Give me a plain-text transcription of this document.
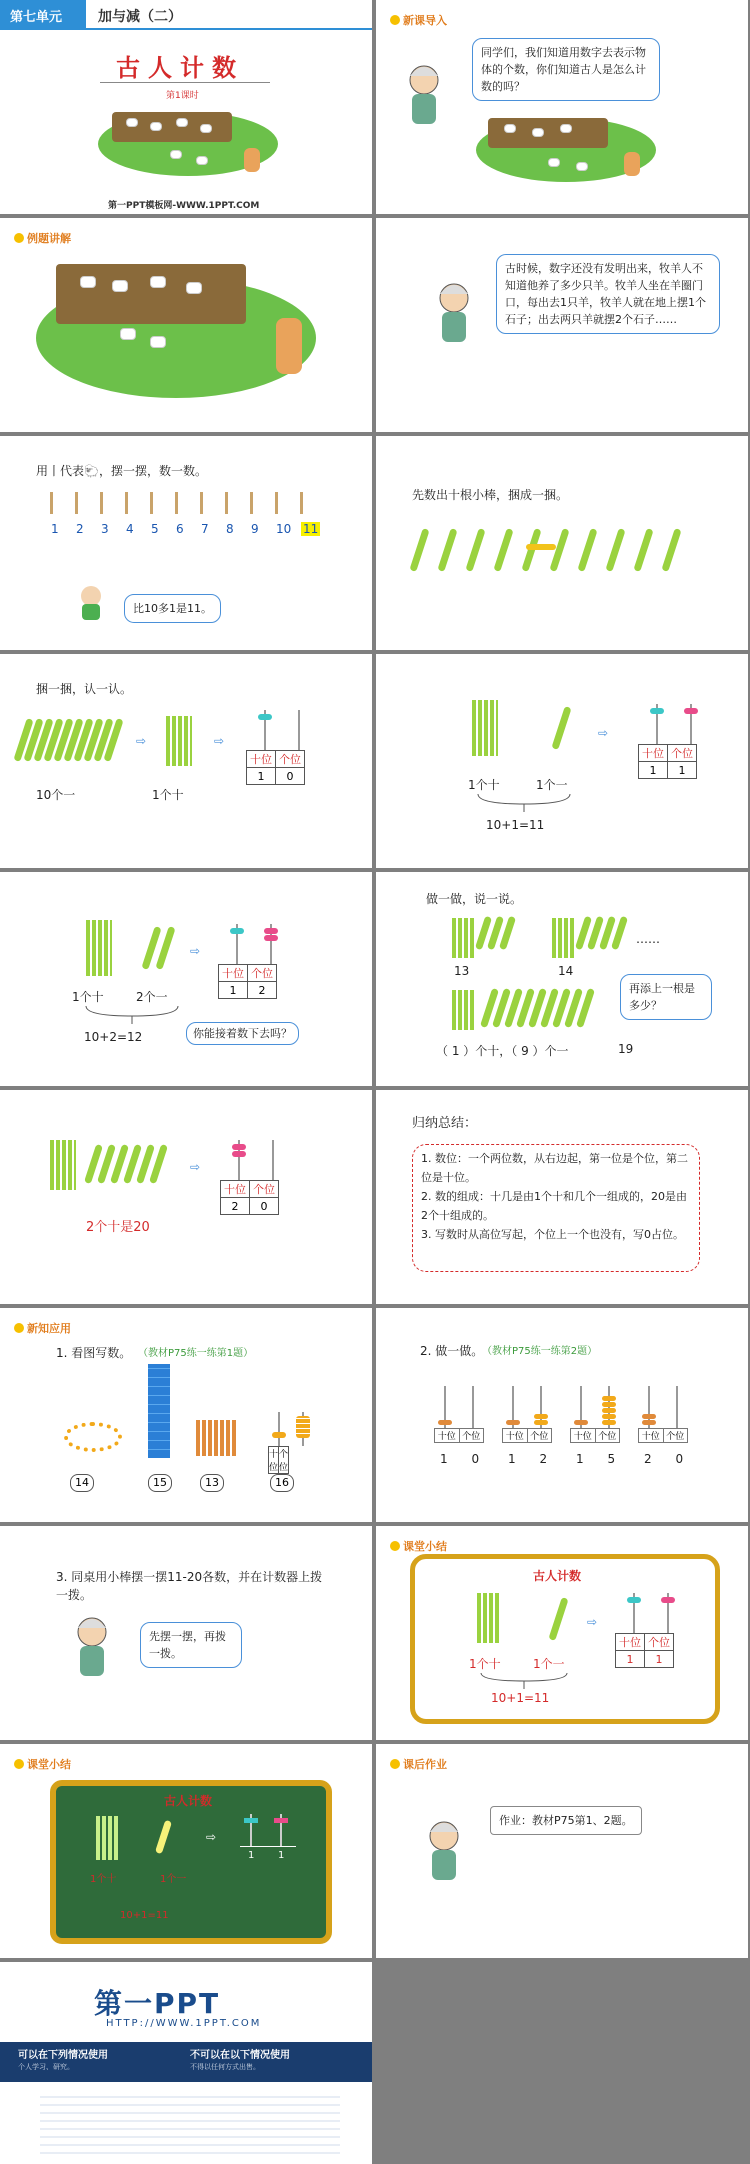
第七单元	加与减（二）
古人计数
第1课时
第一PPT模板网-WWW.1PPT.COM
新课导入
同学们，我们知道用数字去表示物体的个数，你们知道古人是怎么计数的吗？
例题讲解
古时候，数字还没有发明出来，牧羊人不知道他养了多少只羊。牧羊人坐在羊圈门口，每出去1只羊，牧羊人就在地上摆1个石子；出去两只羊就摆2个石子……
用丨代表🐑，摆一摆，数一数。
1 2 3 4 5 6 7 8 9 10 11
比10多1是11。
先数出十根小棒，捆成一捆。
捆一捆，认一认。
10个一
⇨
1个十
⇨
十位	个位
1	0
⇨
十位	个位
1	1
1个十	1个一
10+1=11
⇨
十位	个位
1	2
1个十	2个一
10+2=12	你能接着数下去吗？
做一做，说一说。
13	14
……
（ 1 ）个十，（ 9 ）个一	19
再添上一根是多少？
⇨
十位	个位
2	0
2个十是20
归纳总结：
1. 数位：一个两位数，从右边起，第一位是个位，第二位是十位。
2. 数的组成：十几是由1个十和几个一组成的，20是由2个十组成的。
3. 写数时从高位写起，个位上一个也没有，写0占位。
新知应用
1. 看图写数。 （教材P75练一练第1题）
十位	个位
14	15	13	16
2. 做一做。
（教材P75练一练第2题）
十位 个位
1 0
十位 个位
1 2
十位 个位
1 5
十位 个位
2 0
3. 同桌用小棒摆一摆11-20各数，并在计数器上拨一拨。
先摆一摆，再拨一拨。
课堂小结
古人计数
⇨
十位	个位
1	1
1个十	1个一
10+1=11
课堂小结
古人计数
⇨
1 1
1个十	1个一
10+1=11
课后作业
作业：教材P75第1、2题。
第一PPT
HTTP://WWW.1PPT.COM
可以在下列情况使用
个人学习、研究。
不可以在以下情况使用
不得以任何方式出售。
